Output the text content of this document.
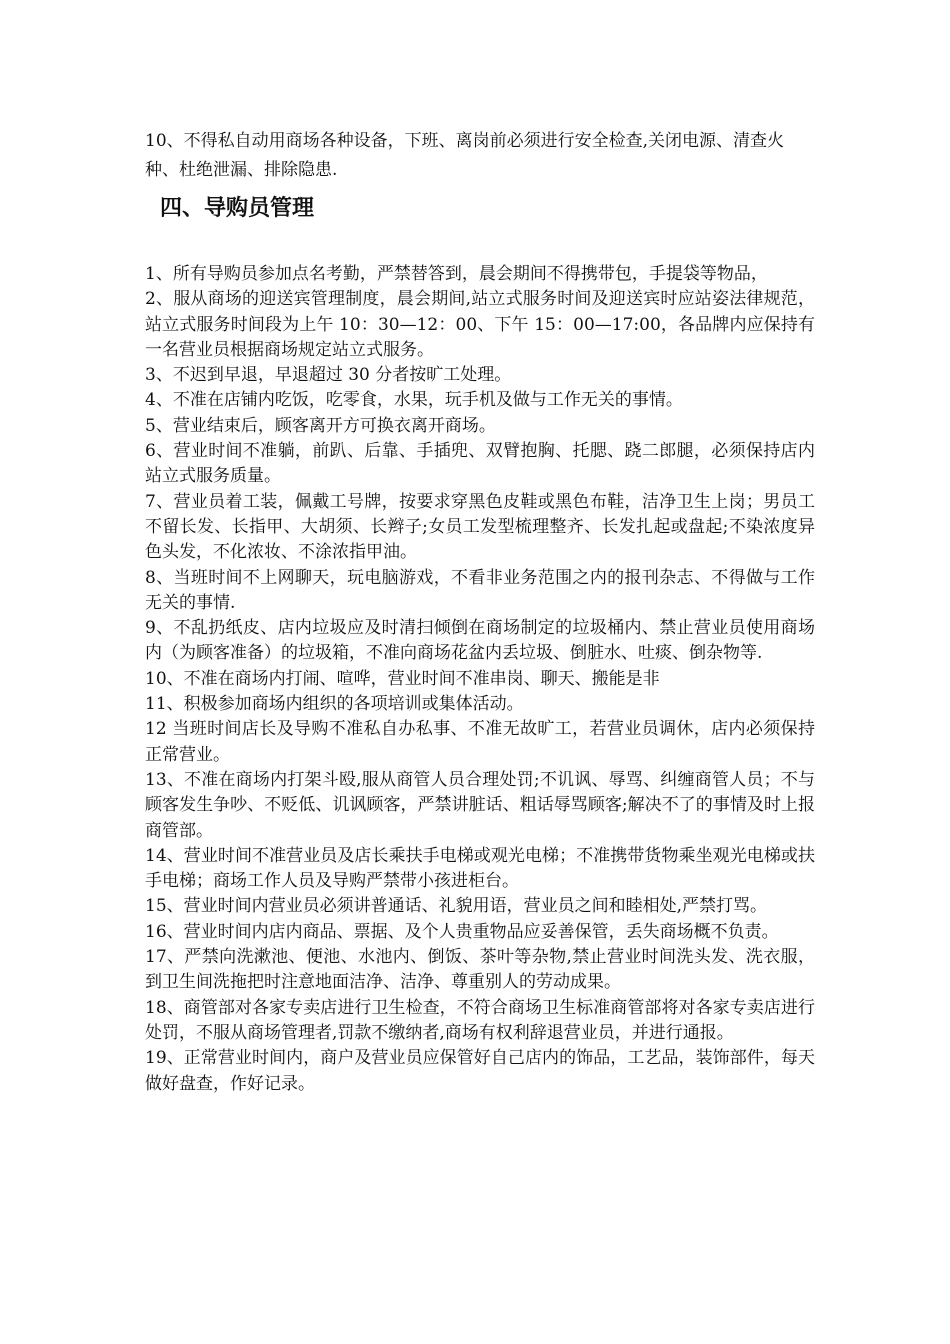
10、不得私自动用商场各种设备，下班、离岗前必须进行安全检查,关闭电源、清查火种、杜绝泄漏、排除隐患.

四、导购员管理
1、所有导购员参加点名考勤，严禁替答到，晨会期间不得携带包，手提袋等物品，
2、服从商场的迎送宾管理制度，晨会期间,站立式服务时间及迎送宾时应站姿法律规范，站立式服务时间段为上午 10：30—12：00、下午 15：00—17:00，各品牌内应保持有一名营业员根据商场规定站立式服务。
3、不迟到早退，早退超过 30 分者按旷工处理。
4、不准在店铺内吃饭，吃零食，水果，玩手机及做与工作无关的事情。
5、营业结束后，顾客离开方可换衣离开商场。
6、营业时间不准躺，前趴、后靠、手插兜、双臂抱胸、托腮、跷二郎腿，必须保持店内站立式服务质量。
7、营业员着工装，佩戴工号牌，按要求穿黑色皮鞋或黑色布鞋，洁净卫生上岗；男员工不留长发、长指甲、大胡须、长辫子;女员工发型梳理整齐、长发扎起或盘起;不染浓度异色头发，不化浓妆、不涂浓指甲油。
8、当班时间不上网聊天，玩电脑游戏，不看非业务范围之内的报刊杂志、不得做与工作无关的事情.
9、不乱扔纸皮、店内垃圾应及时清扫倾倒在商场制定的垃圾桶内、禁止营业员使用商场内（为顾客准备）的垃圾箱，不准向商场花盆内丢垃圾、倒脏水、吐痰、倒杂物等.
10、不准在商场内打闹、喧哗，营业时间不准串岗、聊天、搬能是非
11、积极参加商场内组织的各项培训或集体活动。
12 当班时间店长及导购不准私自办私事、不准无故旷工，若营业员调休，店内必须保持正常营业。
13、不准在商场内打架斗殴,服从商管人员合理处罚;不讥讽、辱骂、纠缠商管人员；不与顾客发生争吵、不贬低、讥讽顾客，严禁讲脏话、粗话辱骂顾客;解决不了的事情及时上报商管部。
14、营业时间不准营业员及店长乘扶手电梯或观光电梯；不准携带货物乘坐观光电梯或扶手电梯；商场工作人员及导购严禁带小孩进柜台。
15、营业时间内营业员必须讲普通话、礼貌用语，营业员之间和睦相处,严禁打骂。
16、营业时间内店内商品、票据、及个人贵重物品应妥善保管，丢失商场概不负责。
17、严禁向洗漱池、便池、水池内、倒饭、茶叶等杂物,禁止营业时间洗头发、洗衣服，到卫生间洗拖把时注意地面洁净、洁净、尊重别人的劳动成果。
18、商管部对各家专卖店进行卫生检查，不符合商场卫生标准商管部将对各家专卖店进行处罚，不服从商场管理者,罚款不缴纳者,商场有权利辞退营业员，并进行通报。
19、正常营业时间内，商户及营业员应保管好自己店内的饰品，工艺品，装饰部件，每天做好盘查，作好记录。
